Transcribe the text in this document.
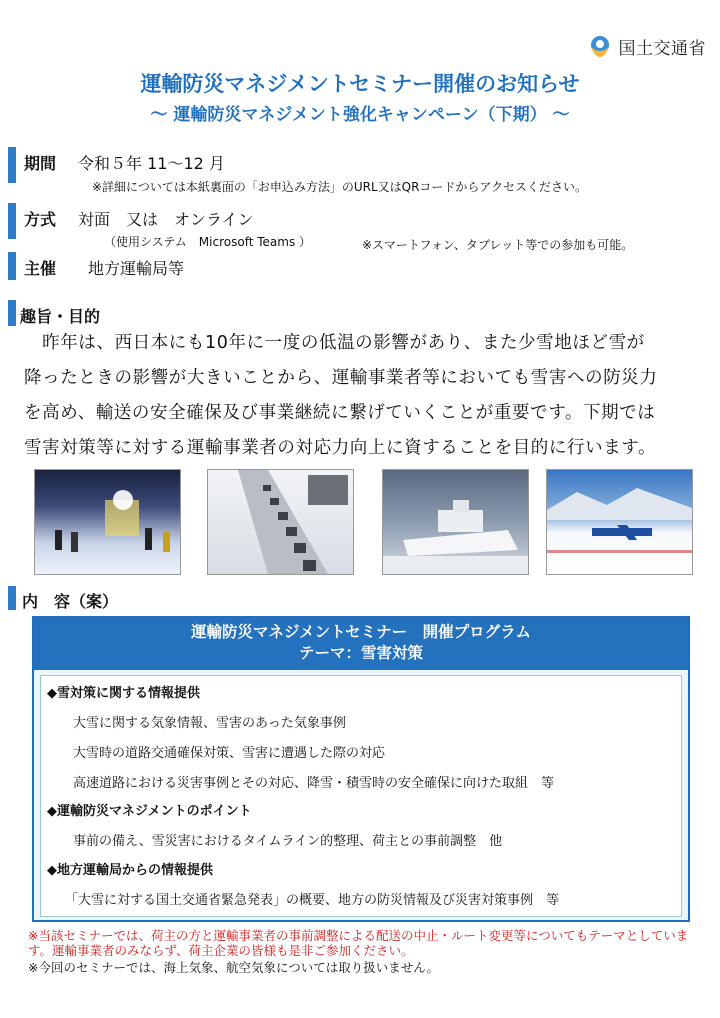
国土交通省
運輸防災マネジメントセミナー開催のお知らせ
～ 運輸防災マネジメント強化キャンペーン（下期） ～
期間 令和５年 11～12 月
※詳細については本紙裏面の「お申込み方法」のURL又はQRコードからアクセスください。
方式 対面　又は　オンライン
（使用システム　Microsoft Teams ）	※スマートフォン、タブレット等での参加も可能。
主催 地方運輸局等
趣旨・目的
　昨年は、西日本にも10年に一度の低温の影響があり、また少雪地ほど雪が
降ったときの影響が大きいことから、運輸事業者等においても雪害への防災力
を高め、輸送の安全確保及び事業継続に繋げていくことが重要です。下期では
雪害対策等に対する運輸事業者の対応力向上に資することを目的に行います。
内　容（案）
運輸防災マネジメントセミナー　開催プログラム
テーマ：雪害対策
◆雪対策に関する情報提供
大雪に関する気象情報、雪害のあった気象事例
大雪時の道路交通確保対策、雪害に遭遇した際の対応
高速道路における災害事例とその対応、降雪・積雪時の安全確保に向けた取組　等
◆運輸防災マネジメントのポイント
事前の備え、雪災害におけるタイムライン的整理、荷主との事前調整　他
◆地方運輸局からの情報提供
「大雪に対する国土交通省緊急発表」の概要、地方の防災情報及び災害対策事例　等
※当該セミナーでは、荷主の方と運輸事業者の事前調整による配送の中止・ルート変更等についてもテーマとしています。運輸事業者のみならず、荷主企業の皆様も是非ご参加ください。
※今回のセミナーでは、海上気象、航空気象については取り扱いません。
